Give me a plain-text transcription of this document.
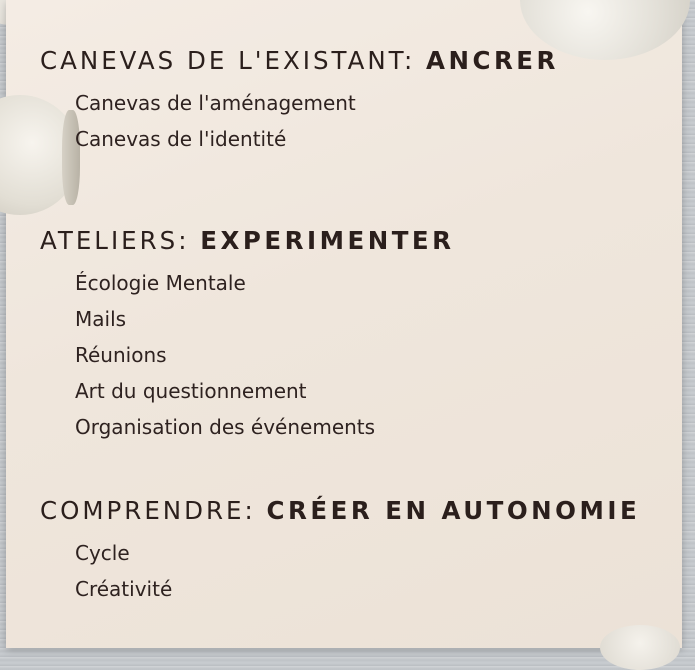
CANEVAS DE L'EXISTANT: ANCRER
Canevas de l'aménagement
Canevas de l'identité
ATELIERS: EXPERIMENTER
Écologie Mentale
Mails
Réunions
Art du questionnement
Organisation des événements
COMPRENDRE: CRÉER EN AUTONOMIE
Cycle
Créativité
